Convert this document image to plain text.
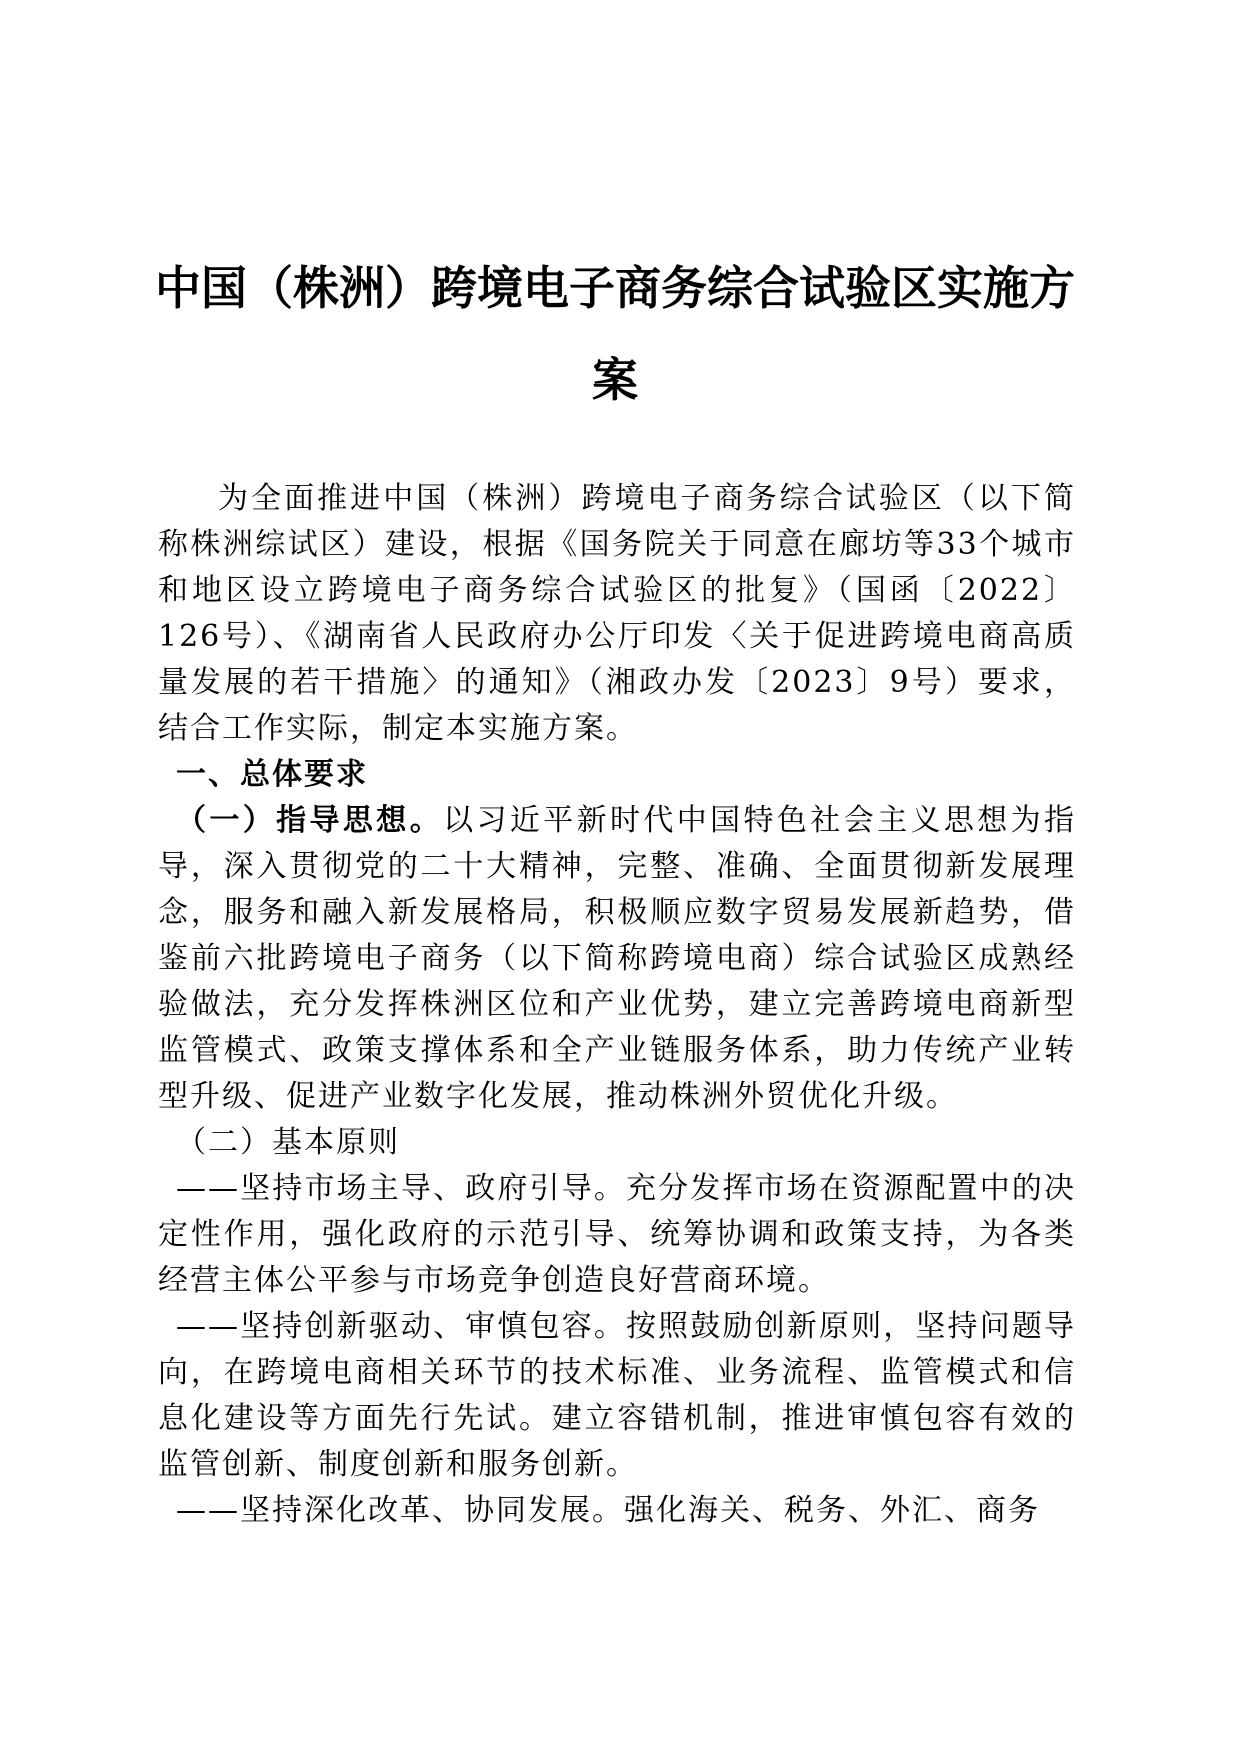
中国（株洲）跨境电子商务综合试验区实施方
案

为全面推进中国（株洲）跨境电子商务综合试验区（以下简称株洲综试区）建设，根据《国务院关于同意在廊坊等33个城市和地区设立跨境电子商务综合试验区的批复》（国函〔2022〕126号）、《湖南省人民政府办公厅印发〈关于促进跨境电商高质量发展的若干措施〉的通知》（湘政办发〔2023〕9号）要求，结合工作实际，制定本实施方案。

一、总体要求

（一）指导思想。以习近平新时代中国特色社会主义思想为指导，深入贯彻党的二十大精神，完整、准确、全面贯彻新发展理念，服务和融入新发展格局，积极顺应数字贸易发展新趋势，借鉴前六批跨境电子商务（以下简称跨境电商）综合试验区成熟经验做法，充分发挥株洲区位和产业优势，建立完善跨境电商新型监管模式、政策支撑体系和全产业链服务体系，助力传统产业转型升级、促进产业数字化发展，推动株洲外贸优化升级。

（二）基本原则

——坚持市场主导、政府引导。充分发挥市场在资源配置中的决定性作用，强化政府的示范引导、统筹协调和政策支持，为各类经营主体公平参与市场竞争创造良好营商环境。

——坚持创新驱动、审慎包容。按照鼓励创新原则，坚持问题导向，在跨境电商相关环节的技术标准、业务流程、监管模式和信息化建设等方面先行先试。建立容错机制，推进审慎包容有效的监管创新、制度创新和服务创新。

——坚持深化改革、协同发展。强化海关、税务、外汇、商务
